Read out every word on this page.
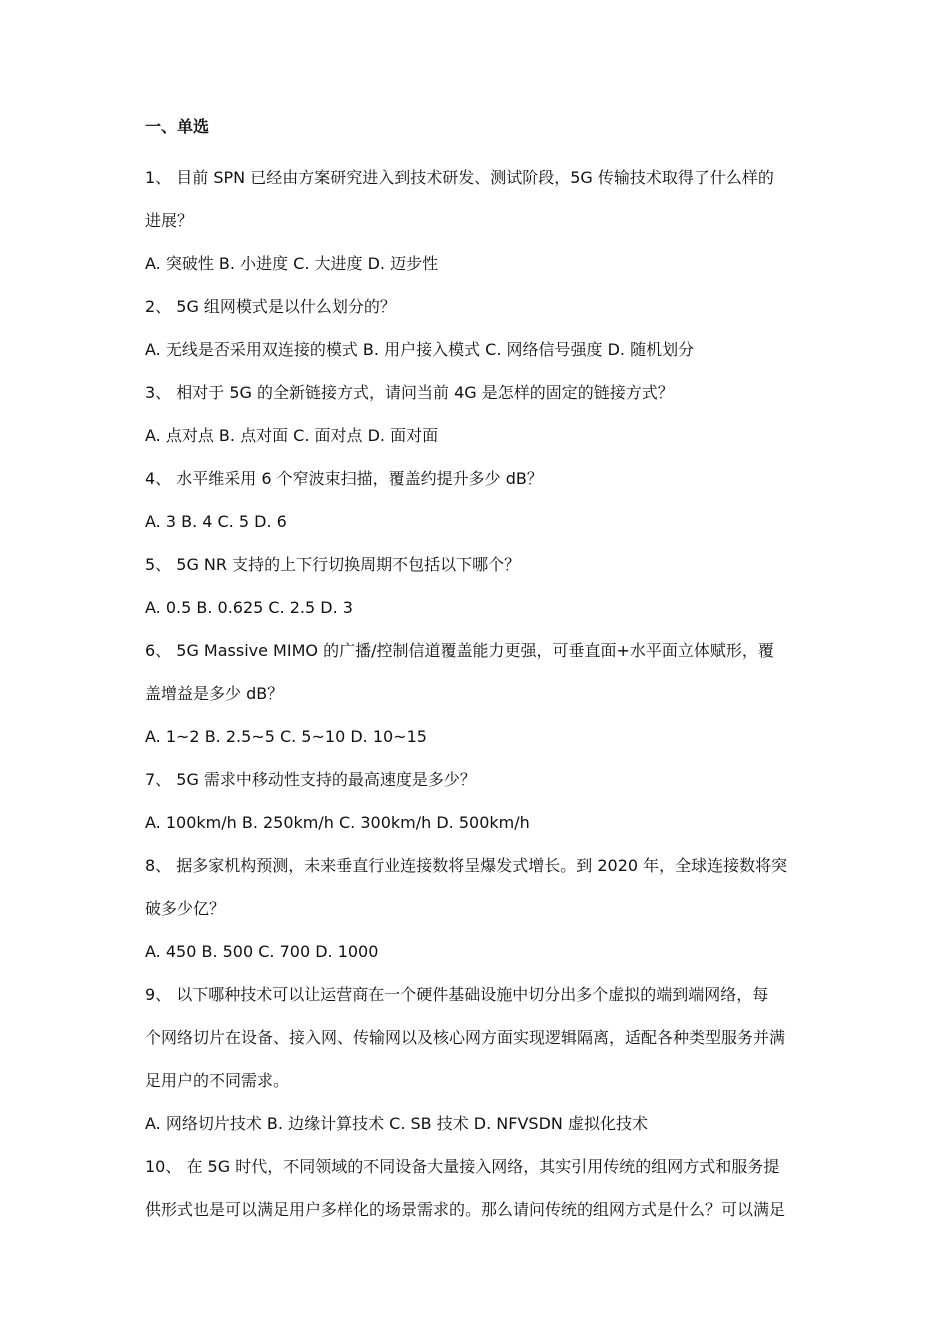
一、单选
1、 目前 SPN 已经由方案研究进入到技术研发、测试阶段，5G 传输技术取得了什么样的
进展？
A. 突破性 B. 小进度 C. 大进度 D. 迈步性
2、 5G 组网模式是以什么划分的？
A. 无线是否采用双连接的模式 B. 用户接入模式 C. 网络信号强度 D. 随机划分
3、 相对于 5G 的全新链接方式，请问当前 4G 是怎样的固定的链接方式？
A. 点对点 B. 点对面 C. 面对点 D. 面对面
4、 水平维采用 6 个窄波束扫描，覆盖约提升多少 dB？
A. 3 B. 4 C. 5 D. 6
5、 5G NR 支持的上下行切换周期不包括以下哪个？
A. 0.5 B. 0.625 C. 2.5 D. 3
6、 5G Massive MIMO 的广播/控制信道覆盖能力更强，可垂直面+水平面立体赋形，覆
盖增益是多少 dB？
A. 1~2 B. 2.5~5 C. 5~10 D. 10~15
7、 5G 需求中移动性支持的最高速度是多少？
A. 100km/h B. 250km/h C. 300km/h D. 500km/h
8、 据多家机构预测，未来垂直行业连接数将呈爆发式增长。到 2020 年，全球连接数将突
破多少亿？
A. 450 B. 500 C. 700 D. 1000
9、 以下哪种技术可以让运营商在一个硬件基础设施中切分出多个虚拟的端到端网络，每
个网络切片在设备、接入网、传输网以及核心网方面实现逻辑隔离，适配各种类型服务并满
足用户的不同需求。
A. 网络切片技术 B. 边缘计算技术 C. SB 技术 D. NFVSDN 虚拟化技术
10、 在 5G 时代，不同领域的不同设备大量接入网络，其实引用传统的组网方式和服务提
供形式也是可以满足用户多样化的场景需求的。那么请问传统的组网方式是什么？可以满足
